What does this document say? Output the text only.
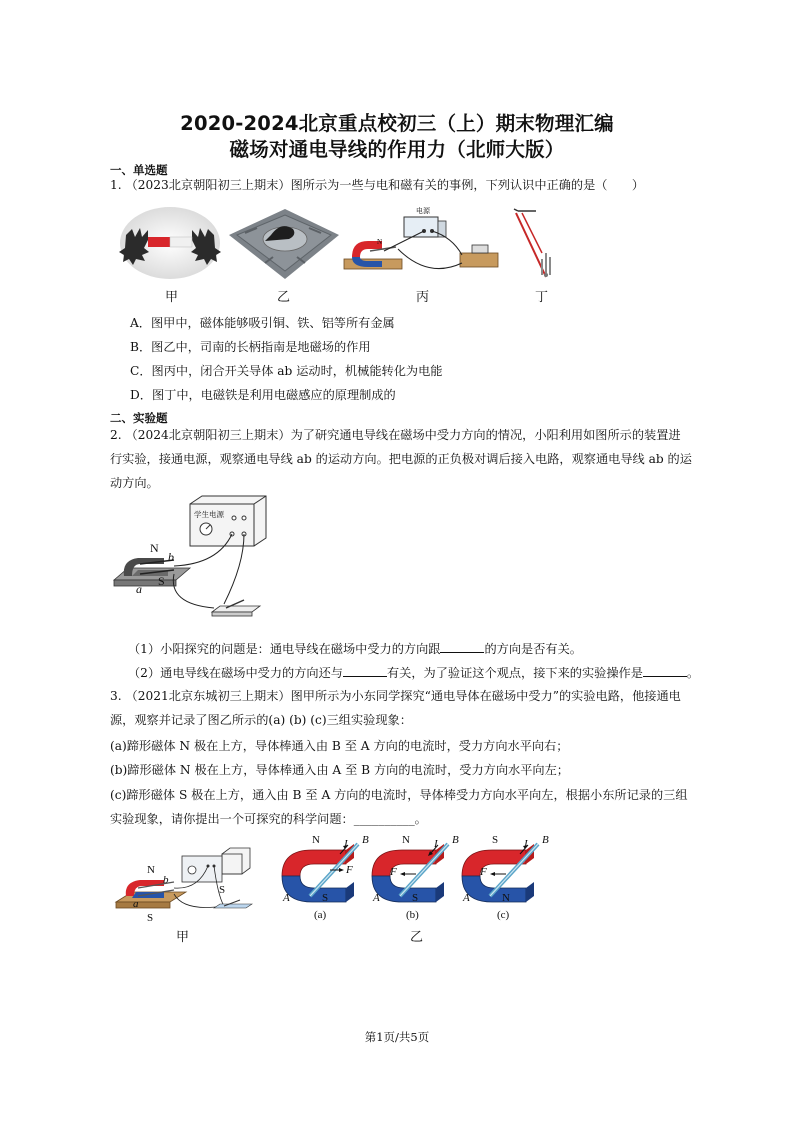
2020-2024北京重点校初三（上）期末物理汇编
磁场对通电导线的作用力（北师大版）
一、单选题
1. （2023北京朝阳初三上期末）图所示为一些与电和磁有关的事例，下列认识中正确的是（　　）
电源
N
甲	乙	丙	丁
A．图甲中，磁体能够吸引铜、铁、铝等所有金属
B．图乙中，司南的长柄指南是地磁场的作用
C．图丙中，闭合开关导体 ab 运动时，机械能转化为电能
D．图丁中，电磁铁是利用电磁感应的原理制成的
二、实验题
2. （2024北京朝阳初三上期末）为了研究通电导线在磁场中受力方向的情况，小阳利用如图所示的装置进
行实验，接通电源，观察通电导线 ab 的运动方向。把电源的正负极对调后接入电路，观察通电导线 ab 的运
动方向。
学生电源
N
b
S
a
（1）小阳探究的问题是：通电导线在磁场中受力的方向跟	的方向是否有关。
（2）通电导线在磁场中受力的方向还与	有关，为了验证这个观点，接下来的实验操作是	。
3. （2021北京东城初三上期末）图甲所示为小东同学探究“通电导体在磁场中受力”的实验电路，他接通电
源，观察并记录了图乙所示的(a) (b) (c)三组实验现象：
(a)蹄形磁体 N 极在上方，导体棒通入由 B 至 A 方向的电流时，受力方向水平向右；
(b)蹄形磁体 N 极在上方，导体棒通入由 A 至 B 方向的电流时，受力方向水平向左；
(c)蹄形磁体 S 极在上方，通入由 B 至 A 方向的电流时，导体棒受力方向水平向左，根据小东所记录的三组
实验现象，请你提出一个可探究的科学问题：__________。
N
b
a
S
S
甲
N I B
F
A	S
(a)
N I B
F
A	S
(b)
S I B
F
A	N
(c)
乙
第1页/共5页
